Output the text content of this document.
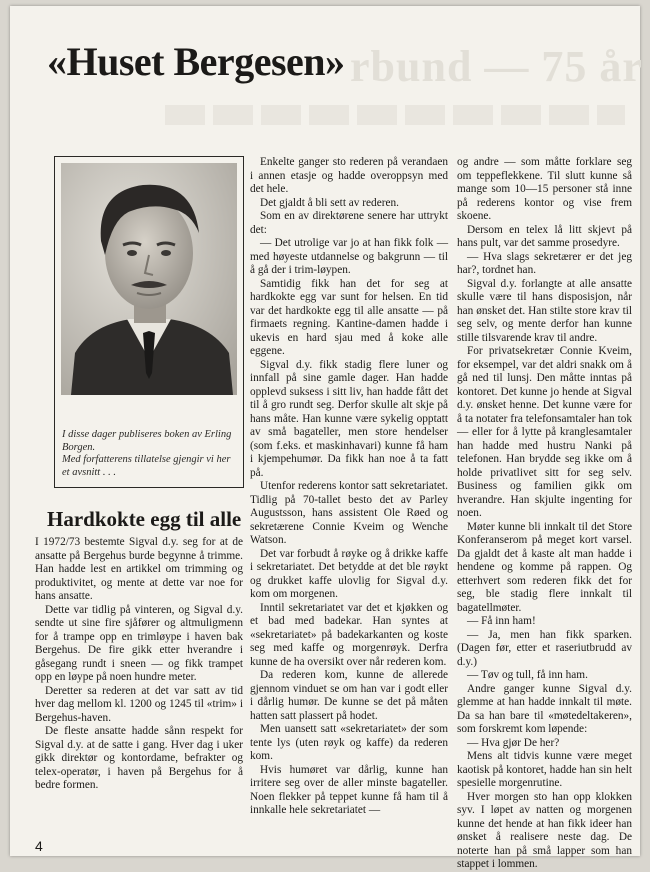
rbund — 75 år
«Huset Bergesen»
I disse dager publiseres boken av Erling Borgen.
Med forfatterens tillatelse gjengir vi her et avsnitt . . .
Hardkokte egg til alle

I 1972/73 bestemte Sigval d.y. seg for at de ansatte på Bergehus burde begynne å trimme. Han hadde lest en artikkel om trimming og produktivitet, og mente at dette var noe for hans ansatte.

Dette var tidlig på vinteren, og Sigval d.y. sendte ut sine fire sjåfører og altmuligmenn for å trampe opp en trimløype i haven bak Bergehus. De fire gikk etter hverandre i gåsegang rundt i sneen — og fikk trampet opp en løype på noen hundre meter.

Deretter sa rederen at det var satt av tid hver dag mellom kl. 1200 og 1245 til «trim» i Bergehus-haven.

De fleste ansatte hadde sånn respekt for Sigval d.y. at de satte i gang. Hver dag i uker gikk direktør og kontordame, befrakter og telex-operatør, i haven på Bergehus for å bedre formen.

Enkelte ganger sto rederen på verandaen i annen etasje og hadde overoppsyn med det hele.

Det gjaldt å bli sett av rederen.

Som en av direktørene senere har uttrykt det:

— Det utrolige var jo at han fikk folk — med høyeste utdannelse og bakgrunn — til å gå der i trim-løypen.

Samtidig fikk han det for seg at hardkokte egg var sunt for helsen. En tid var det hardkokte egg til alle ansatte — på firmaets regning. Kantine-damen hadde i ukevis en hard sjau med å koke alle eggene.

Sigval d.y. fikk stadig flere luner og innfall på sine gamle dager. Han hadde opplevd suksess i sitt liv, han hadde fått det til å gro rundt seg. Derfor skulle alt skje på hans måte. Han kunne være sykelig opptatt av små bagateller, men store hendelser (som f.eks. et maskinhavari) kunne få ham i kjempehumør. Da fikk han noe å ta fatt på.

Utenfor rederens kontor satt sekretariatet. Tidlig på 70-tallet besto det av Parley Augustsson, hans assistent Ole Røed og sekretærene Connie Kveim og Wenche Watson.

Det var forbudt å røyke og å drikke kaffe i sekretariatet. Det betydde at det ble røykt og drukket kaffe ulovlig for Sigval d.y. kom om morgenen.

Inntil sekretariatet var det et kjøkken og et bad med badekar. Han syntes at «sekretariatet» på badekarkanten og koste seg med kaffe og morgenrøyk. Derfra kunne de ha oversikt over når rederen kom.

Da rederen kom, kunne de allerede gjennom vinduet se om han var i godt eller i dårlig humør. De kunne se det på måten hatten satt plassert på hodet.

Men uansett satt «sekretariatet» der som tente lys (uten røyk og kaffe) da rederen kom.

Hvis humøret var dårlig, kunne han irritere seg over de aller minste bagateller. Noen flekker på teppet kunne få ham til å innkalle hele sekretariatet —

og andre — som måtte forklare seg om teppeflekkene. Til slutt kunne så mange som 10—15 personer stå inne på rederens kontor og vise frem skoene.

Dersom en telex lå litt skjevt på hans pult, var det samme prosedyre.

— Hva slags sekretærer er det jeg har?, tordnet han.

Sigval d.y. forlangte at alle ansatte skulle være til hans disposisjon, når han ønsket det. Han stilte store krav til seg selv, og mente derfor han kunne stille tilsvarende krav til andre.

For privatsekretær Connie Kveim, for eksempel, var det aldri snakk om å gå ned til lunsj. Den måtte inntas på kontoret. Det kunne jo hende at Sigval d.y. ønsket henne. Det kunne være for å ta notater fra telefonsamtaler han tok — eller for å lytte på kranglesamtaler han hadde med hustru Nanki på telefonen. Han brydde seg ikke om å holde privatlivet sitt for seg selv. Business og familien gikk om hverandre. Han skjulte ingenting for noen.

Møter kunne bli innkalt til det Store Konferanserom på meget kort varsel. Da gjaldt det å kaste alt man hadde i hendene og komme på rappen. Og etterhvert som rederen fikk det for seg, ble stadig flere innkalt til bagatellmøter.

— Få inn ham!

— Ja, men han fikk sparken. (Dagen før, etter et raseriutbrudd av d.y.)

— Tøv og tull, få inn ham.

Andre ganger kunne Sigval d.y. glemme at han hadde innkalt til møte. Da sa han bare til «møtedeltakeren», som forskremt kom løpende:

— Hva gjør De her?

Mens alt tidvis kunne være meget kaotisk på kontoret, hadde han sin helt spesielle morgenrutine.

Hver morgen sto han opp klokken syv. I løpet av natten og morgenen kunne det hende at han fikk ideer han ønsket å realisere neste dag. De noterte han på små lapper som han stappet i lommen.

4
